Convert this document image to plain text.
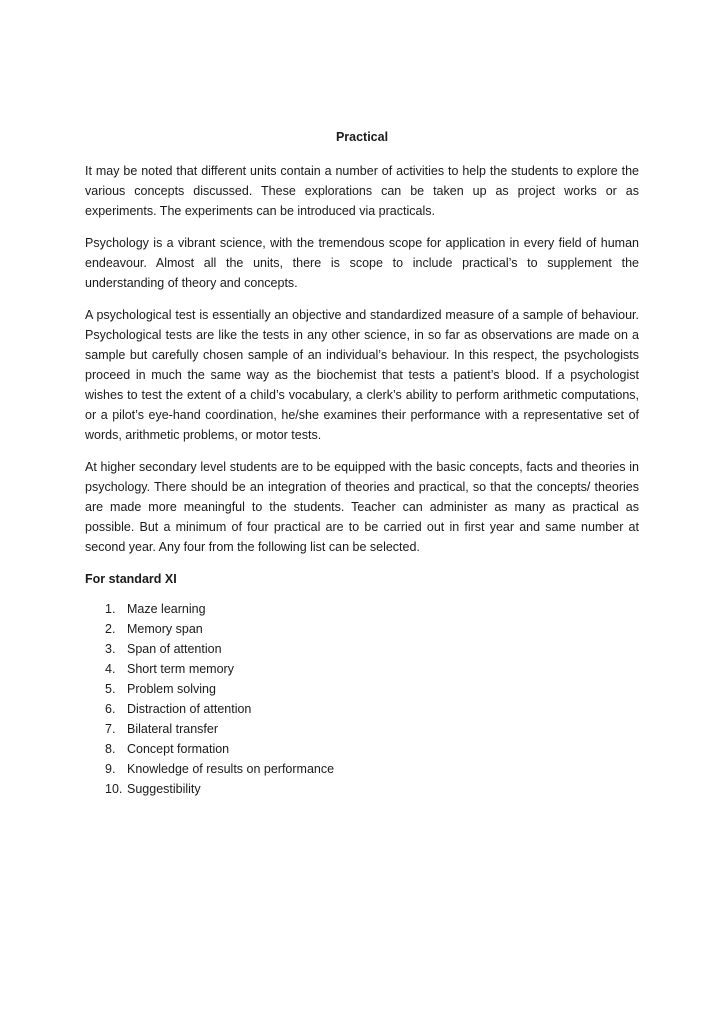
Practical

It may be noted that different units contain a number of activities to help the students to explore the various concepts discussed. These explorations can be taken up as project works or as experiments. The experiments can be introduced via practicals.

Psychology is a vibrant science, with the tremendous scope for application in every field of human endeavour. Almost all the units, there is scope to include practical’s to supplement the understanding of theory and concepts.

A psychological test is essentially an objective and standardized measure of a sample of behaviour. Psychological tests are like the tests in any other science, in so far as observations are made on a sample but carefully chosen sample of an individual’s behaviour. In this respect, the psychologists proceed in much the same way as the biochemist that tests a patient’s blood. If a psychologist wishes to test the extent of a child’s vocabulary, a clerk’s ability to perform arithmetic computations, or a pilot’s eye-hand coordination, he/she examines their performance with a representative set of words, arithmetic problems, or motor tests.

At higher secondary level students are to be equipped with the basic concepts, facts and theories in psychology. There should be an integration of theories and practical, so that the concepts/ theories are made more meaningful to the students. Teacher can administer as many as practical as possible. But a minimum of four practical are to be carried out in first year and same number at second year. Any four from the following list can be selected.

For standard XI
1. Maze learning
2. Memory span
3. Span of attention
4. Short term memory
5. Problem solving
6. Distraction of attention
7. Bilateral transfer
8. Concept formation
9. Knowledge of results on performance
10. Suggestibility
